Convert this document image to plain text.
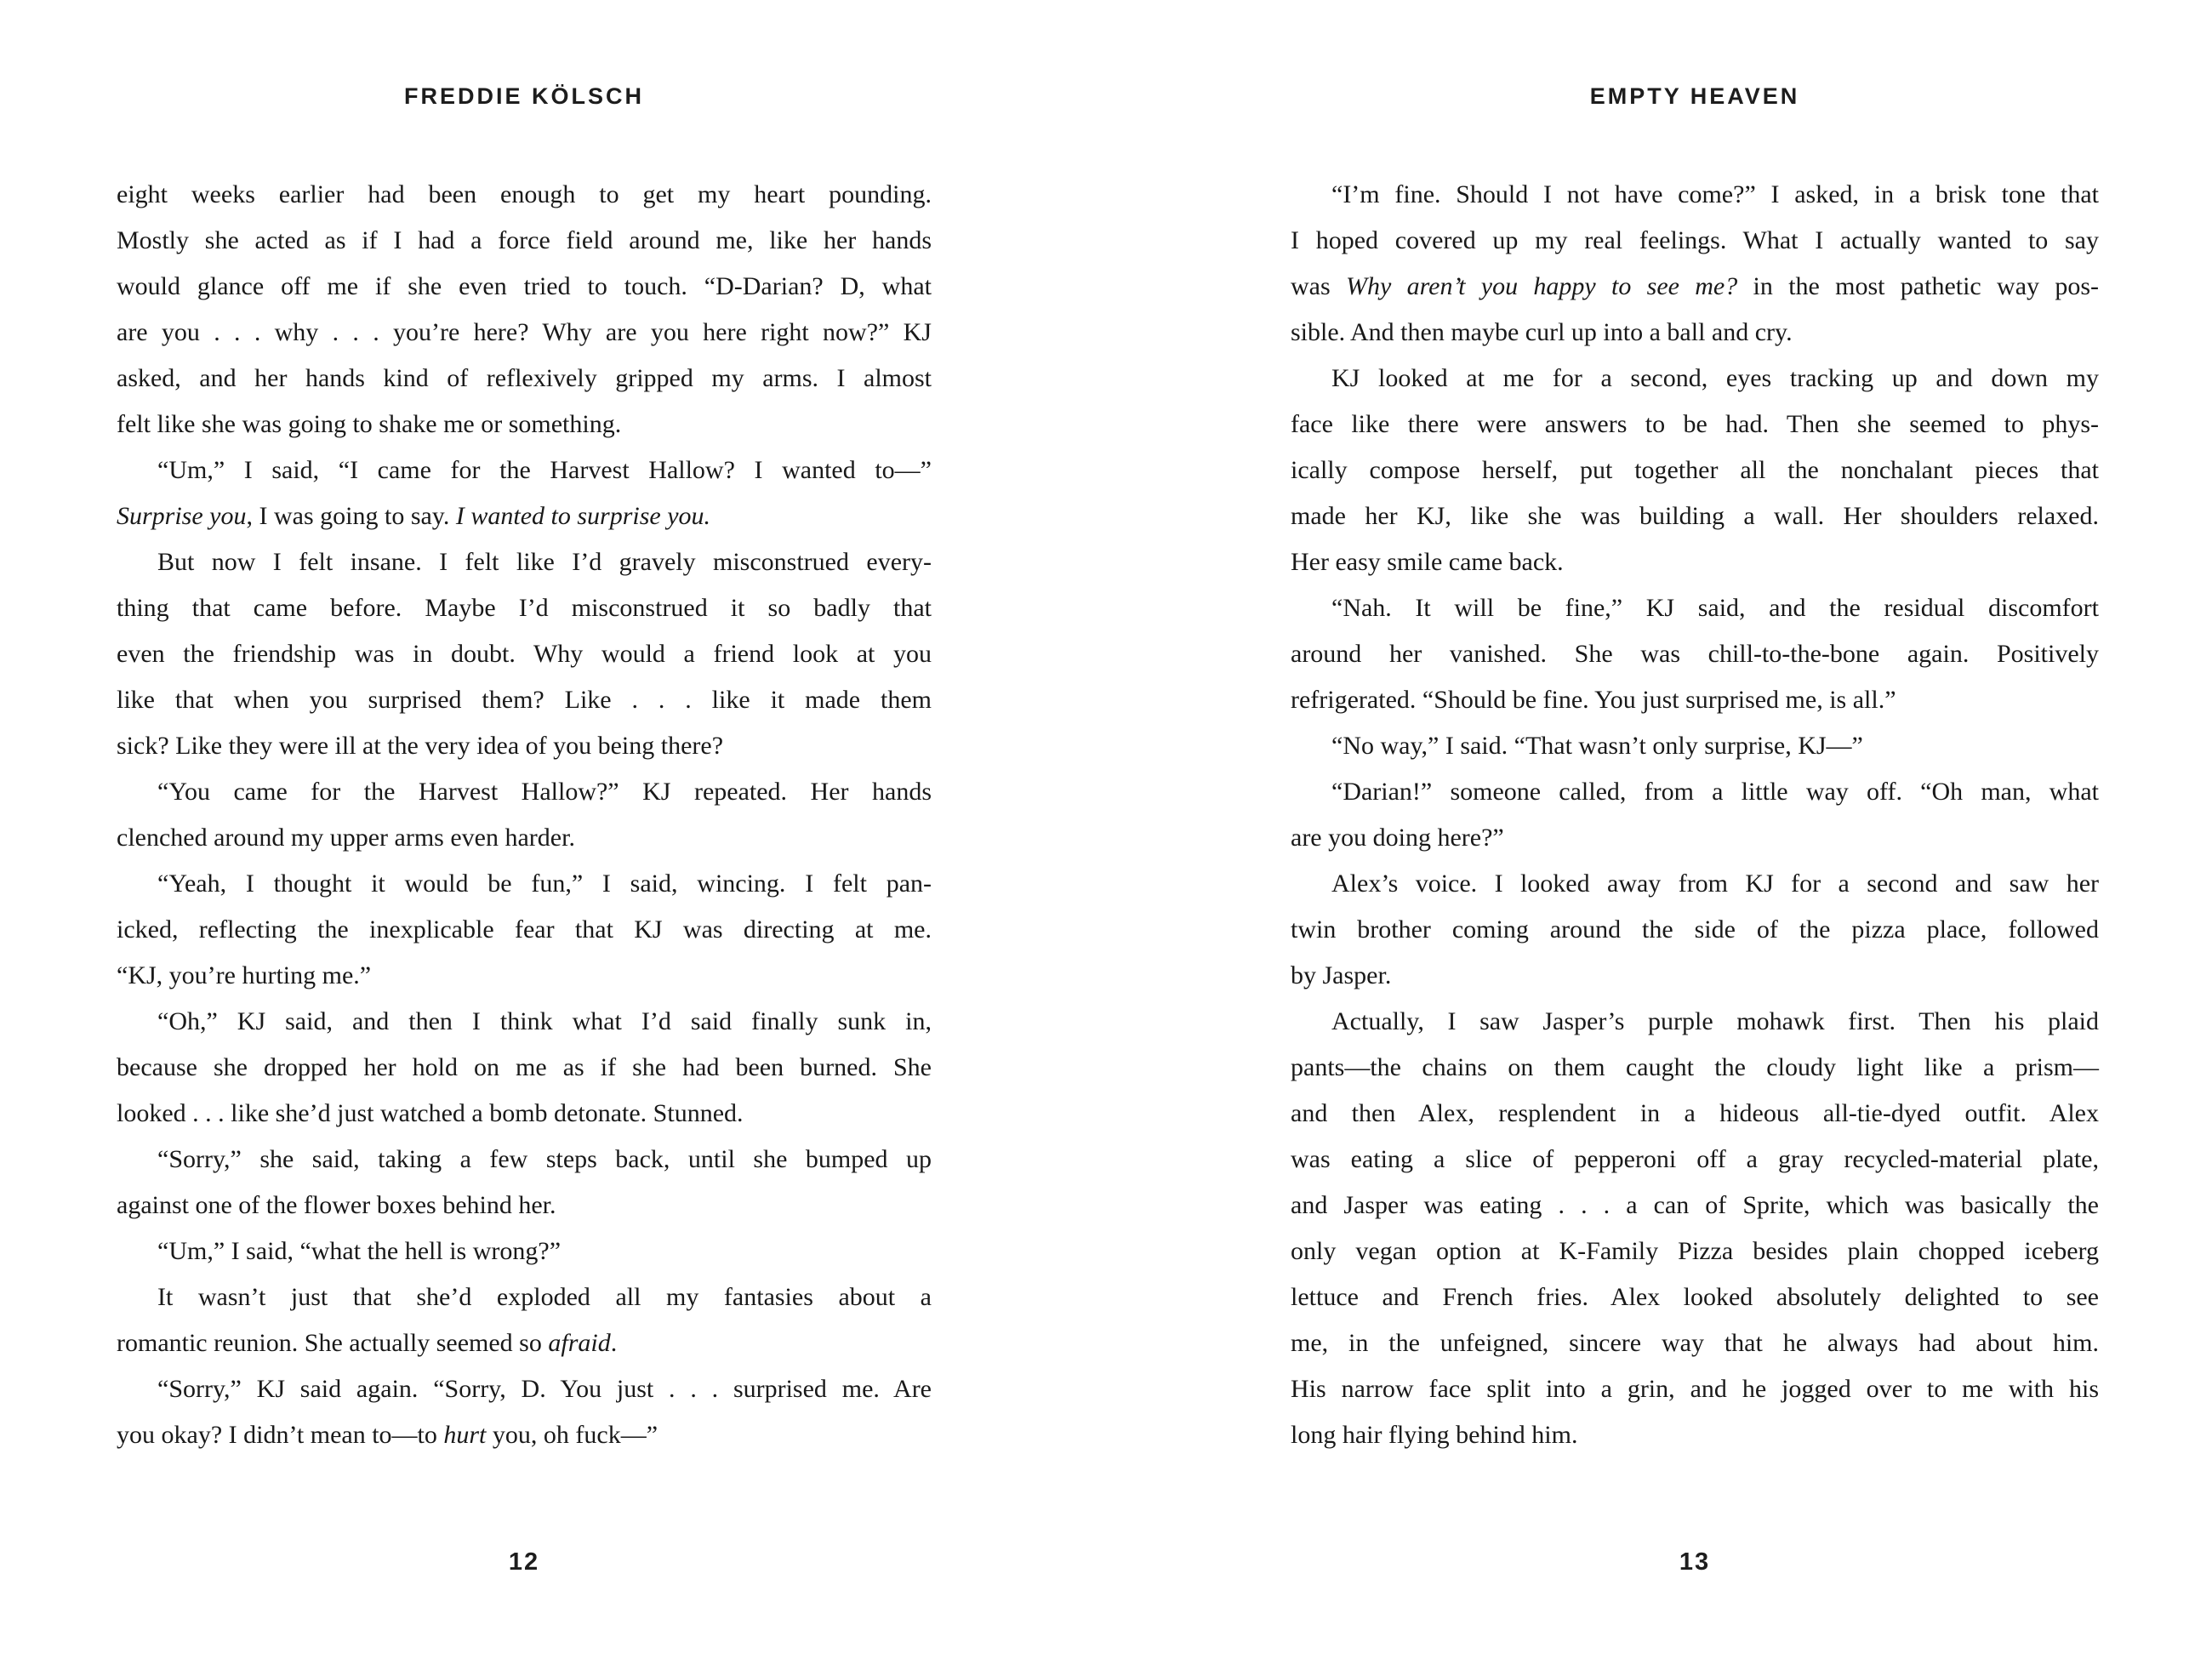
FREDDIE KÖLSCH
eight weeks earlier had been enough to get my heart pounding.
Mostly she acted as if I had a force field around me, like her hands
would glance off me if she even tried to touch. “D-Darian? D, what
are you . . . why . . . you’re here? Why are you here right now?” KJ
asked, and her hands kind of reflexively gripped my arms. I almost
felt like she was going to shake me or something.
“Um,” I said, “I came for the Harvest Hallow? I wanted to—”
Surprise you, I was going to say. I wanted to surprise you.
But now I felt insane. I felt like I’d gravely misconstrued every-
thing that came before. Maybe I’d misconstrued it so badly that
even the friendship was in doubt. Why would a friend look at you
like that when you surprised them? Like . . . like it made them
sick? Like they were ill at the very idea of you being there?
“You came for the Harvest Hallow?” KJ repeated. Her hands
clenched around my upper arms even harder.
“Yeah, I thought it would be fun,” I said, wincing. I felt pan-
icked, reflecting the inexplicable fear that KJ was directing at me.
“KJ, you’re hurting me.”
“Oh,” KJ said, and then I think what I’d said finally sunk in,
because she dropped her hold on me as if she had been burned. She
looked . . . like she’d just watched a bomb detonate. Stunned.
“Sorry,” she said, taking a few steps back, until she bumped up
against one of the flower boxes behind her.
“Um,” I said, “what the hell is wrong?”
It wasn’t just that she’d exploded all my fantasies about a
romantic reunion. She actually seemed so afraid.
“Sorry,” KJ said again. “Sorry, D. You just . . . surprised me. Are
you okay? I didn’t mean to—to hurt you, oh fuck—”
12
EMPTY HEAVEN
“I’m fine. Should I not have come?” I asked, in a brisk tone that
I hoped covered up my real feelings. What I actually wanted to say
was Why aren’t you happy to see me? in the most pathetic way pos-
sible. And then maybe curl up into a ball and cry.
KJ looked at me for a second, eyes tracking up and down my
face like there were answers to be had. Then she seemed to phys-
ically compose herself, put together all the nonchalant pieces that
made her KJ, like she was building a wall. Her shoulders relaxed.
Her easy smile came back.
“Nah. It will be fine,” KJ said, and the residual discomfort
around her vanished. She was chill-to-the-bone again. Positively
refrigerated. “Should be fine. You just surprised me, is all.”
“No way,” I said. “That wasn’t only surprise, KJ—”
“Darian!” someone called, from a little way off. “Oh man, what
are you doing here?”
Alex’s voice. I looked away from KJ for a second and saw her
twin brother coming around the side of the pizza place, followed
by Jasper.
Actually, I saw Jasper’s purple mohawk first. Then his plaid
pants—the chains on them caught the cloudy light like a prism—
and then Alex, resplendent in a hideous all-tie-dyed outfit. Alex
was eating a slice of pepperoni off a gray recycled-material plate,
and Jasper was eating . . . a can of Sprite, which was basically the
only vegan option at K-Family Pizza besides plain chopped iceberg
lettuce and French fries. Alex looked absolutely delighted to see
me, in the unfeigned, sincere way that he always had about him.
His narrow face split into a grin, and he jogged over to me with his
long hair flying behind him.
13
